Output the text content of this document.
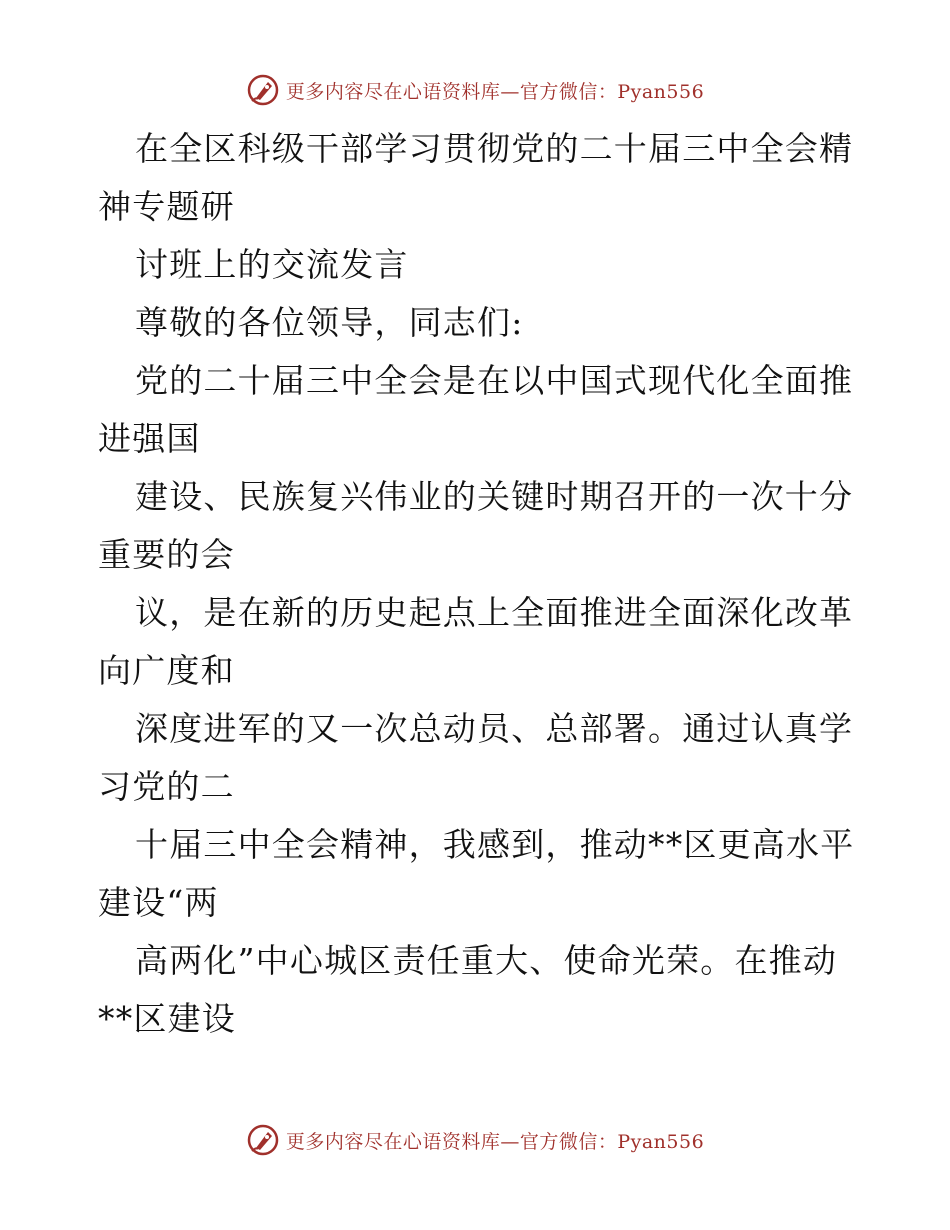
更多内容尽在心语资料库—官方微信：Pyan556
在全区科级干部学习贯彻党的二十届三中全会精
神专题研
讨班上的交流发言
尊敬的各位领导，同志们:
党的二十届三中全会是在以中国式现代化全面推
进强国
建设、民族复兴伟业的关键时期召开的一次十分
重要的会
议，是在新的历史起点上全面推进全面深化改革
向广度和
深度进军的又一次总动员、总部署。通过认真学
习党的二
十届三中全会精神，我感到，推动**区更高水平
建设“两
高两化”中心城区责任重大、使命光荣。在推动
**区建设
更多内容尽在心语资料库—官方微信：Pyan556
